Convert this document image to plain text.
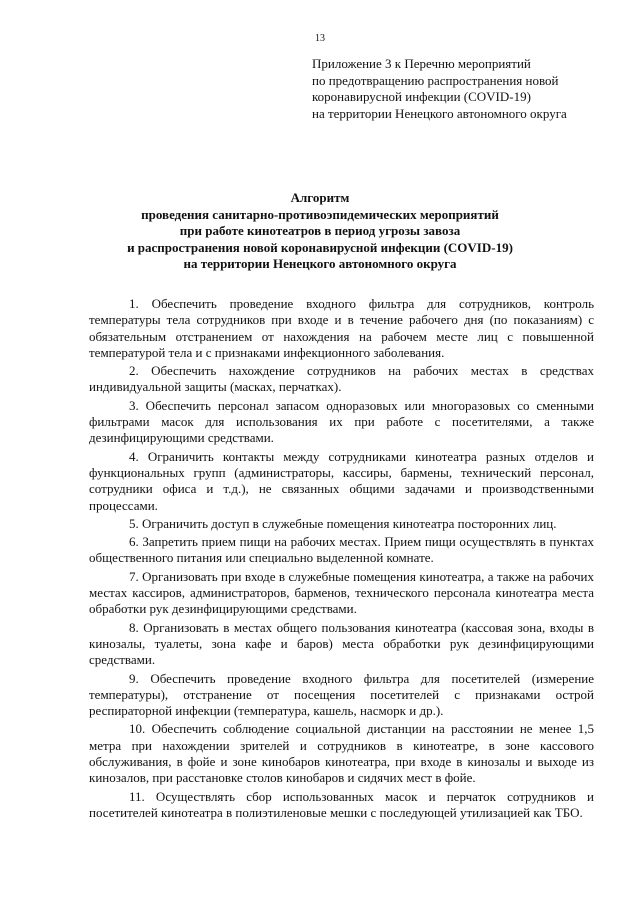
13
Приложение 3 к Перечню мероприятий
по предотвращению распространения новой
коронавирусной инфекции (COVID-19)
на территории Ненецкого автономного округа
Алгоритм
проведения санитарно-противоэпидемических мероприятий
при работе кинотеатров в период угрозы завоза
и распространения новой коронавирусной инфекции (COVID-19)
на территории Ненецкого автономного округа

1. Обеспечить проведение входного фильтра для сотрудников, контроль температуры тела сотрудников при входе и в течение рабочего дня (по показаниям) с обязательным отстранением от нахождения на рабочем месте лиц с повышенной температурой тела и с признаками инфекционного заболевания.

2. Обеспечить нахождение сотрудников на рабочих местах в средствах индивидуальной защиты (масках, перчатках).

3. Обеспечить персонал запасом одноразовых или многоразовых со сменными фильтрами масок для использования их при работе с посетителями, а также дезинфицирующими средствами.

4. Ограничить контакты между сотрудниками кинотеатра разных отделов и функциональных групп (администраторы, кассиры, бармены, технический персонал, сотрудники офиса и т.д.), не связанных общими задачами и производственными процессами.

5. Ограничить доступ в служебные помещения кинотеатра посторонних лиц.

6. Запретить прием пищи на рабочих местах. Прием пищи осуществлять в пунктах общественного питания или специально выделенной комнате.

7. Организовать при входе в служебные помещения кинотеатра, а также на рабочих местах кассиров, администраторов, барменов, технического персонала кинотеатра места обработки рук дезинфицирующими средствами.

8. Организовать в местах общего пользования кинотеатра (кассовая зона, входы в кинозалы, туалеты, зона кафе и баров) места обработки рук дезинфицирующими средствами.

9. Обеспечить проведение входного фильтра для посетителей (измерение температуры), отстранение от посещения посетителей с признаками острой респираторной инфекции (температура, кашель, насморк и др.).

10. Обеспечить соблюдение социальной дистанции на расстоянии не менее 1,5 метра при нахождении зрителей и сотрудников в кинотеатре, в зоне кассового обслуживания, в фойе и зоне кинобаров кинотеатра, при входе в кинозалы и выходе из кинозалов, при расстановке столов кинобаров и сидячих мест в фойе.

11. Осуществлять сбор использованных масок и перчаток сотрудников и посетителей кинотеатра в полиэтиленовые мешки с последующей утилизацией как ТБО.
